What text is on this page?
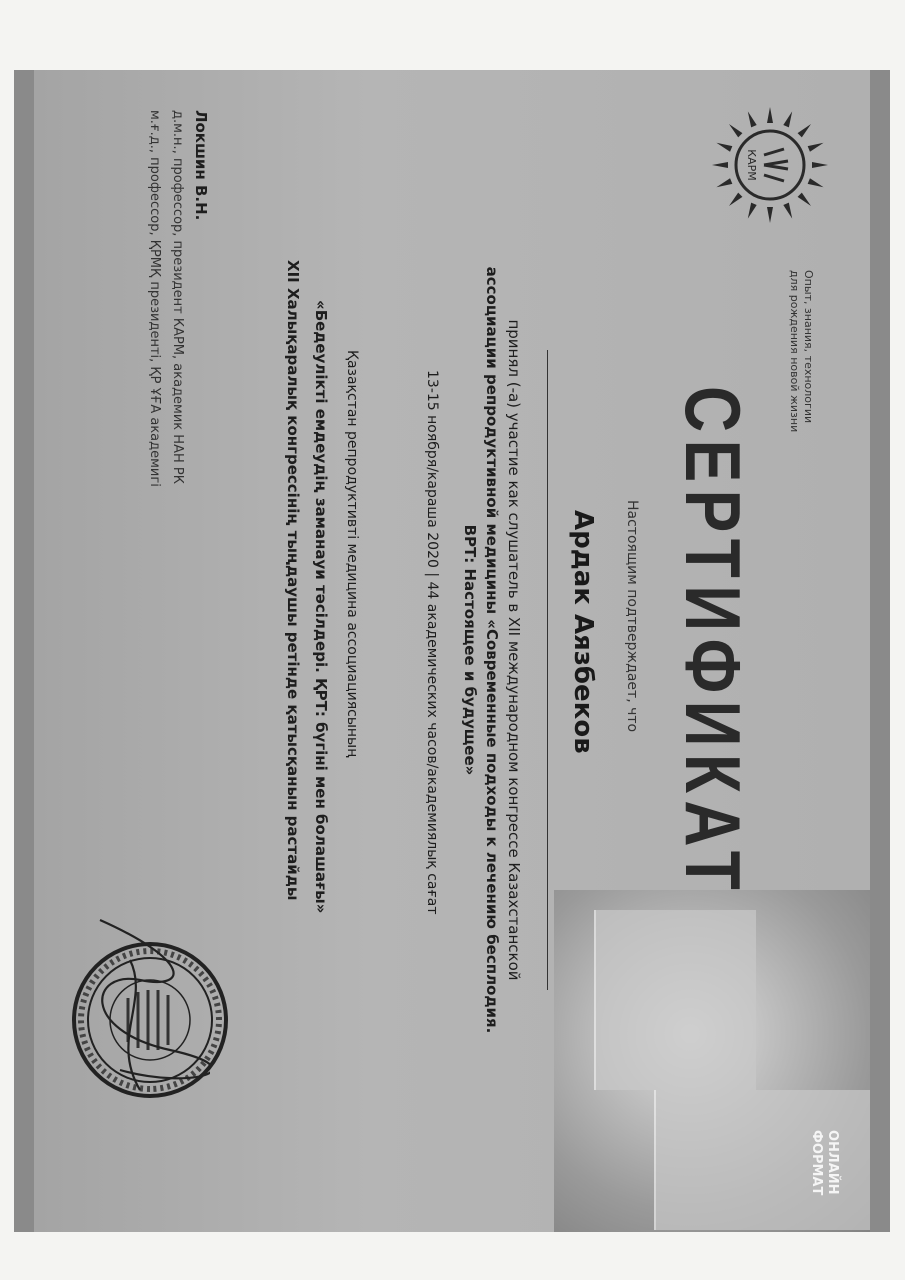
КАРМ
Опыт, знания, технологии
для рождения новой жизни
СЕРТИФИКАТ
Настоящим подтверждает, что
Ардак Аязбеков

принял (-а) участие как слушатель в XII международном конгрессе Казахстанской

ассоциации репродуктивной медицины «Современные подходы к лечению бесплодия.

ВРТ: Настоящее и будущее»

13-15 ноября/караша 2020 | 44 академических часов/академиялық сағат
Қазақстан репродуктивті медицина ассоциациясының
«Бедеулікті емдеудің заманауи тәсілдері. ҚРТ: бүгіні мен болашағы»
XII Халықаралық конгрессінің тыңдаушы ретінде қатысқанын растайды
Локшин В.Н.
д.м.н., профессор, президент КАРМ, академик НАН РК
м.ғ.д., профессор, ҚРМҚ президенті, ҚР ҰҒА академигі
ОНЛАЙН
ФОРМАТ
